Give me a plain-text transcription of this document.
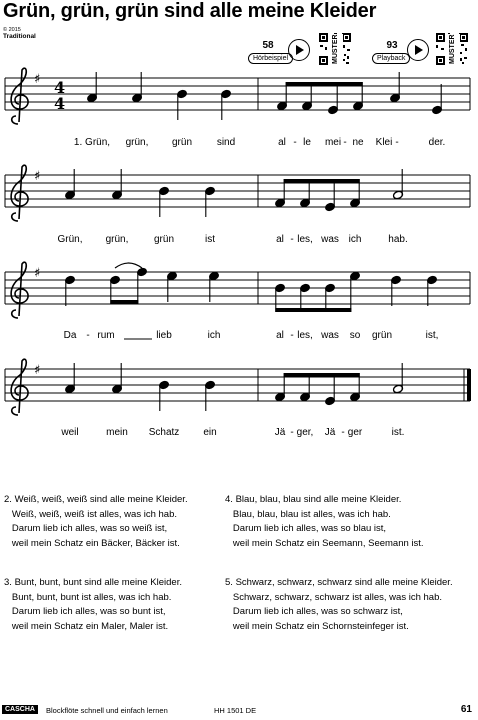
Grün, grün, grün sind alle meine Kleider
© 2015
Traditional
58
Hörbeispiel	MUSTER	93
Playback	MUSTER
♯ 4
4
♯
♯
♯
1. Grün, grün, grün sind	al - le mei - ne Klei -	der.
Grün, grün,	grün	ist	al - les, was ich	hab.
Da - rum	lieb	ich	al - les, was so grün	ist,
weil	mein Schatz ein	Jä - ger, Jä - ger	ist.
2. Weiß, weiß, weiß sind alle meine Kleider.
Weiß, weiß, weiß ist alles, was ich hab.
Darum lieb ich alles, was so weiß ist,
weil mein Schatz ein Bäcker, Bäcker ist.
4. Blau, blau, blau sind alle meine Kleider.
Blau, blau, blau ist alles, was ich hab.
Darum lieb ich alles, was so blau ist,
weil mein Schatz ein Seemann, Seemann ist.
3. Bunt, bunt, bunt sind alle meine Kleider.
Bunt, bunt, bunt ist alles, was ich hab.
Darum lieb ich alles, was so bunt ist,
weil mein Schatz ein Maler, Maler ist.
5. Schwarz, schwarz, schwarz sind alle meine Kleider.
Schwarz, schwarz, schwarz ist alles, was ich hab.
Darum lieb ich alles, was so schwarz ist,
weil mein Schatz ein Schornsteinfeger ist.
CASCHA	Blockflöte schnell und einfach lernen	HH 1501 DE	61
